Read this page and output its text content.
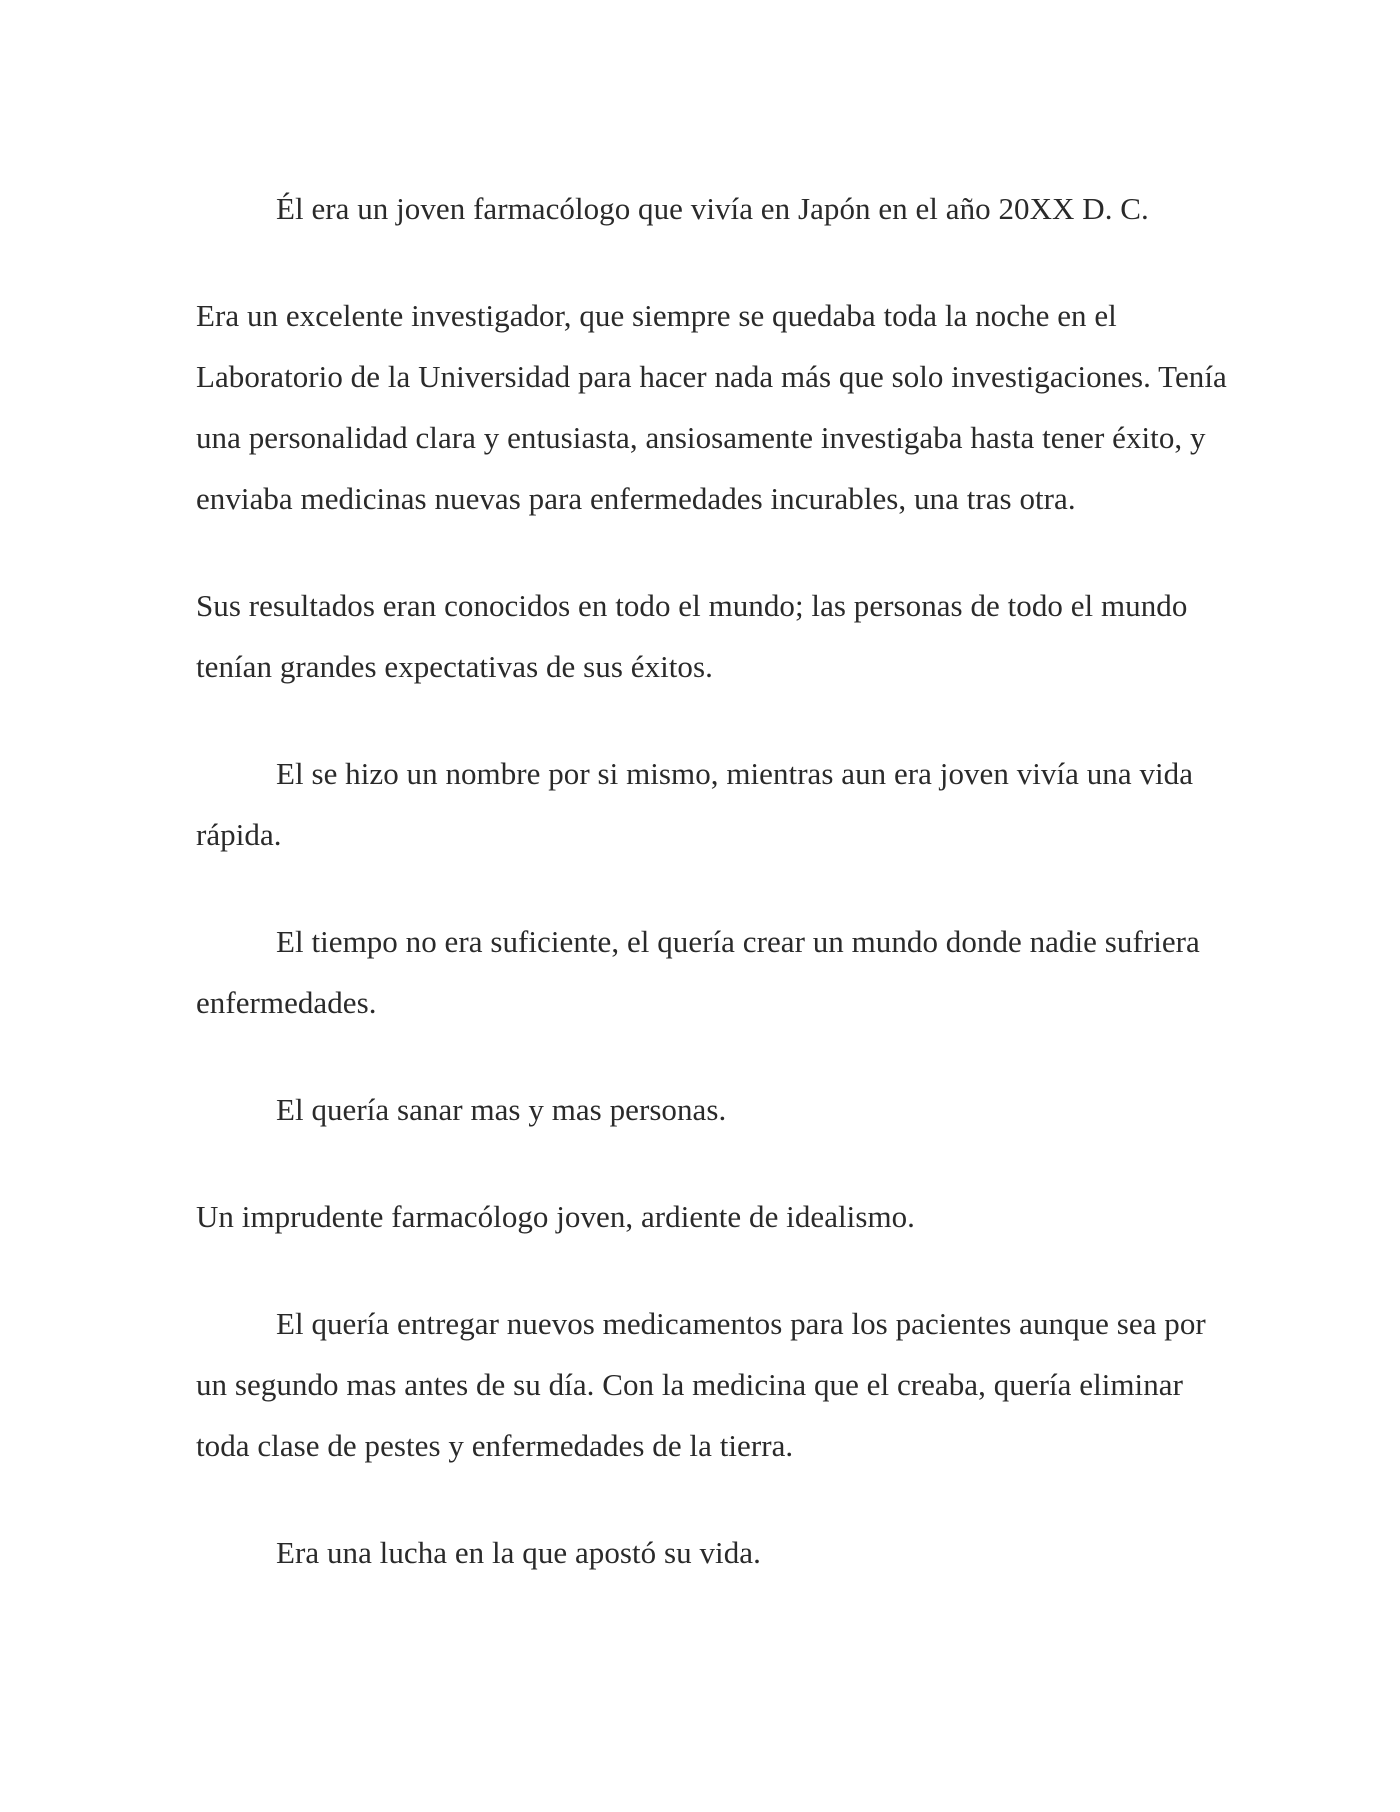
Él era un joven farmacólogo que vivía en Japón en el año 20XX D. C.

Era un excelente investigador, que siempre se quedaba toda la noche en el Laboratorio de la Universidad para hacer nada más que solo investigaciones. Tenía una personalidad clara y entusiasta, ansiosamente investigaba hasta tener éxito, y enviaba medicinas nuevas para enfermedades incurables, una tras otra.

Sus resultados eran conocidos en todo el mundo; las personas de todo el mundo tenían grandes expectativas de sus éxitos.

El se hizo un nombre por si mismo, mientras aun era joven vivía una vida rápida.

El tiempo no era suficiente, el quería crear un mundo donde nadie sufriera enfermedades.

El quería sanar mas y mas personas.

Un imprudente farmacólogo joven, ardiente de idealismo.

El quería entregar nuevos medicamentos para los pacientes aunque sea por un segundo mas antes de su día. Con la medicina que el creaba, quería eliminar toda clase de pestes y enfermedades de la tierra.

Era una lucha en la que apostó su vida.
